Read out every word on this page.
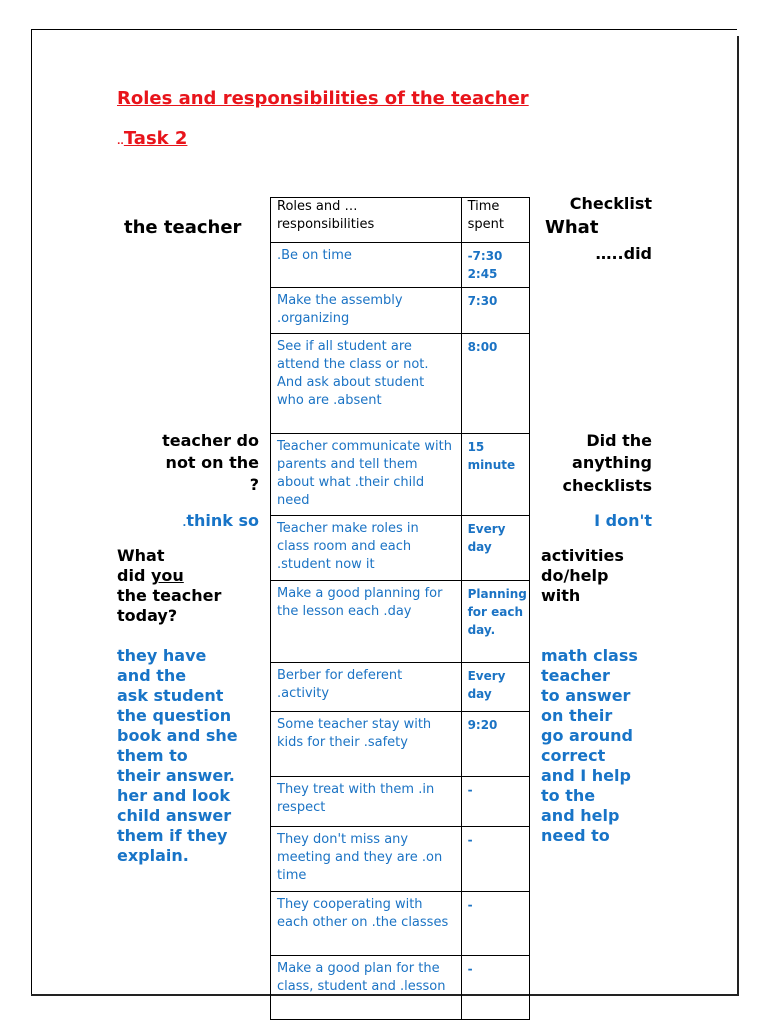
Roles and responsibilities of the teacher
..Task 2
the teacher
teacher do
not on the
?
.think so
What
did you
the teacher
today?
they have
and the
ask student
the question
book and she
them to
their answer.
her and look
child answer
them if they
explain.
Checklist
What
…..did
Did the
anything
checklists
I don't
activities
do/help
with
math class
teacher
to answer
on their
go around
correct
and I help
to the
and help
need to
Roles and …responsibilities	Time spent
.Be on time	-7:30 2:45
Make the assembly .organizing	7:30
See if all student are attend the class or not. And ask about student who are .absent	8:00
Teacher communicate with parents and tell them about what .their child need	15 minute
Teacher make roles in class room and each .student now it	Every day
Make a good planning for the lesson each .day	Planning for each day.
Berber for deferent .activity	Every day
Some teacher stay with kids for their .safety	9:20
They treat with them .in respect	-
They don't miss any meeting and they are .on time	-
They cooperating with each other on .the classes	-
Make a good plan for the class, student and .lesson	-
